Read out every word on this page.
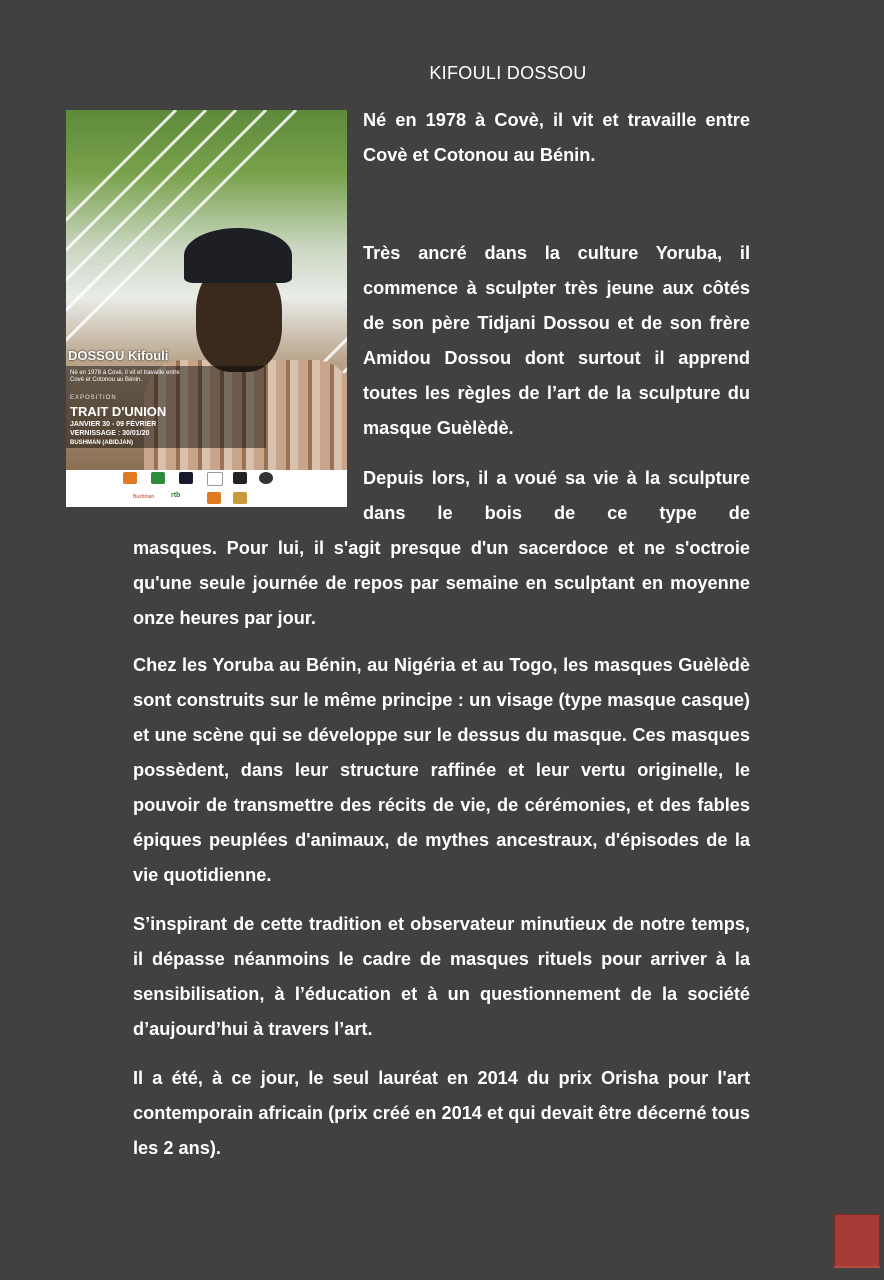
KIFOULI DOSSOU
DOSSOU Kifouli
Né en 1978 à Covè, il vit et travaille entre
Covè et Cotonou au Bénin.
EXPOSITION
TRAIT D'UNION
JANVIER 30 - 09 FÉVRIER
VERNISSAGE : 30/01/20
BUSHMAN (ABIDJAN)
Bushman rtb

Né en 1978 à Covè, il vit et travaille entre Covè et Cotonou au Bénin.

Très ancré dans la culture Yoruba, il commence à sculpter très jeune aux côtés de son père Tidjani Dossou et de son frère Amidou Dossou dont surtout il apprend toutes les règles de l’art de la sculpture du masque Guèlèdè.

Depuis lors, il a voué sa vie à la sculpture dans le bois de ce type de

masques. Pour lui, il s'agit presque d'un sacerdoce et ne s'octroie qu'une seule journée de repos par semaine en sculptant en moyenne onze heures par jour.

Chez les Yoruba au Bénin, au Nigéria et au Togo, les masques Guèlèdè sont construits sur le même principe : un visage (type masque casque) et une scène qui se développe sur le dessus du masque. Ces masques possèdent, dans leur structure raffinée et leur vertu originelle, le pouvoir de transmettre des récits de vie, de cérémonies, et des fables épiques peuplées d'animaux, de mythes ancestraux, d'épisodes de la vie quotidienne.

S’inspirant de cette tradition et observateur minutieux de notre temps, il dépasse néanmoins le cadre de masques rituels pour arriver à la sensibilisation, à l’éducation et à un questionnement de la société d’aujourd’hui à travers l’art.

Il a été, à ce jour, le seul lauréat en 2014 du prix Orisha pour l'art contemporain africain (prix créé en 2014 et qui devait être décerné tous les 2 ans).
